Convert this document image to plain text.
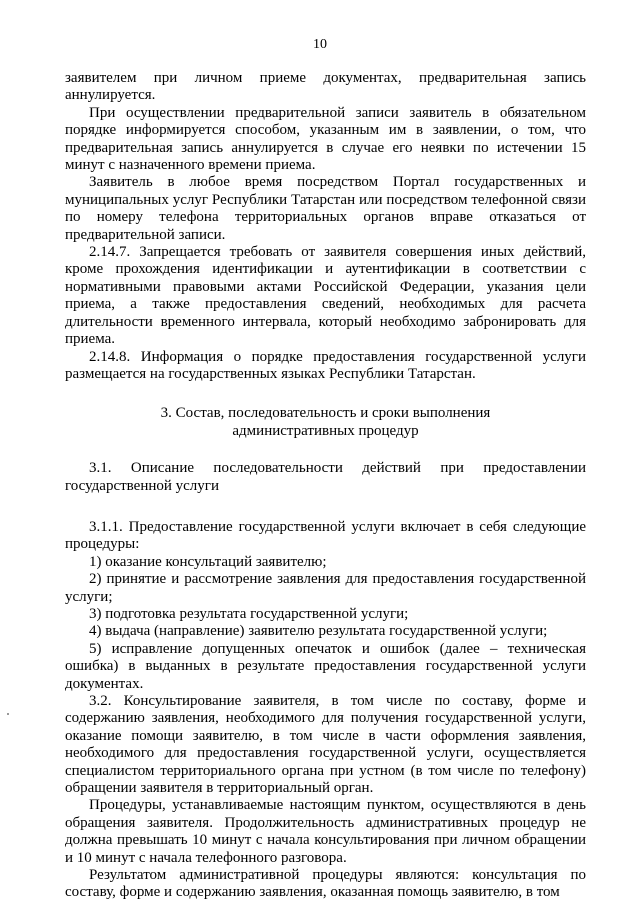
10

заявителем при личном приеме документах, предварительная запись аннулируется.

При осуществлении предварительной записи заявитель в обязательном порядке информируется способом, указанным им в заявлении, о том, что предварительная запись аннулируется в случае его неявки по истечении 15 минут с назначенного времени приема.

Заявитель в любое время посредством Портал государственных и муниципальных услуг Республики Татарстан или посредством телефонной связи по номеру телефона территориальных органов вправе отказаться от предварительной записи.

2.14.7. Запрещается требовать от заявителя совершения иных действий, кроме прохождения идентификации и аутентификации в соответствии с нормативными правовыми актами Российской Федерации, указания цели приема, а также предоставления сведений, необходимых для расчета длительности временного интервала, который необходимо забронировать для приема.

2.14.8. Информация о порядке предоставления государственной услуги размещается на государственных языках Республики Татарстан.

3. Состав, последовательность и сроки выполнения

административных процедур

3.1. Описание последовательности действий при предоставлении государственной услуги

3.1.1. Предоставление государственной услуги включает в себя следующие процедуры:

1) оказание консультаций заявителю;

2) принятие и рассмотрение заявления для предоставления государственной услуги;

3) подготовка результата государственной услуги;

4) выдача (направление) заявителю результата государственной услуги;

5) исправление допущенных опечаток и ошибок (далее – техническая ошибка) в выданных в результате предоставления государственной услуги документах.

3.2. Консультирование заявителя, в том числе по составу, форме и содержанию заявления, необходимого для получения государственной услуги, оказание помощи заявителю, в том числе в части оформления заявления, необходимого для предоставления государственной услуги, осуществляется специалистом территориального органа при устном (в том числе по телефону) обращении заявителя в территориальный орган.

Процедуры, устанавливаемые настоящим пунктом, осуществляются в день обращения заявителя. Продолжительность административных процедур не должна превышать 10 минут с начала консультирования при личном обращении и 10 минут с начала телефонного разговора.

Результатом административной процедуры являются: консультация по составу, форме и содержанию заявления, оказанная помощь заявителю, в том
